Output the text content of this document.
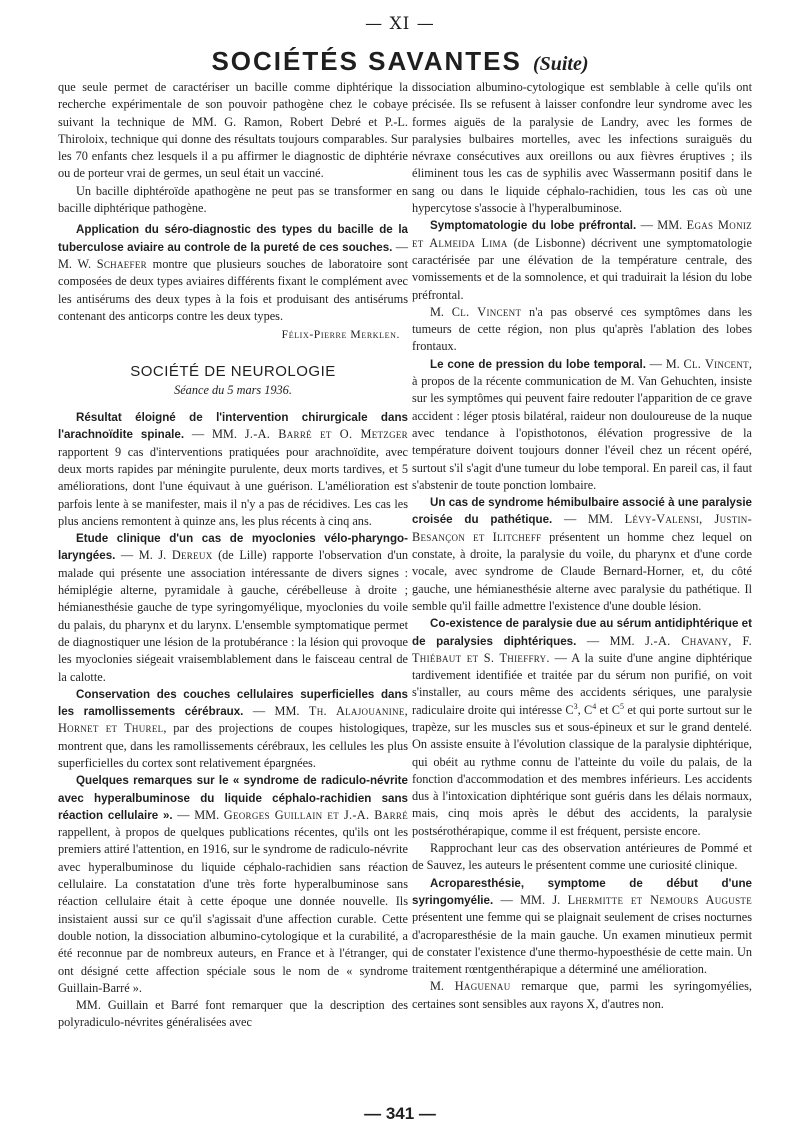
— XI —
SOCIÉTÉS SAVANTES (Suite)

que seule permet de caractériser un bacille comme diphtérique la recherche expérimentale de son pouvoir pathogène chez le cobaye suivant la technique de MM. G. Ramon, Robert Debré et P.-L. Thiroloix, technique qui donne des résultats toujours comparables. Sur les 70 enfants chez lesquels il a pu affirmer le diagnostic de diphtérie ou de porteur vrai de germes, un seul était un vacciné.

Un bacille diphtéroïde apathogène ne peut pas se transformer en bacille diphtérique pathogène.

Application du séro-diagnostic des types du bacille de la tuberculose aviaire au controle de la pureté de ces souches. — M. W. Schaefer montre que plusieurs souches de laboratoire sont composées de deux types aviaires différents fixant le complément avec les antisérums des deux types à la fois et produisant des antisérums contenant des anticorps contre les deux types.

Félix-Pierre Merklen.
SOCIÉTÉ DE NEUROLOGIE
Séance du 5 mars 1936.

Résultat éloigné de l'intervention chirurgicale dans l'arachnoïdite spinale. — MM. J.-A. Barré et O. Metzger rapportent 9 cas d'interventions pratiquées pour arachnoïdite, avec deux morts rapides par méningite purulente, deux morts tardives, et 5 améliorations, dont l'une équivaut à une guérison. L'amélioration est parfois lente à se manifester, mais il n'y a pas de récidives. Les cas les plus anciens remontent à quinze ans, les plus récents à cinq ans.

Etude clinique d'un cas de myoclonies vélo-pharyngo-laryngées. — M. J. Dereux (de Lille) rapporte l'observation d'un malade qui présente une association intéressante de divers signes : hémiplégie alterne, pyramidale à gauche, cérébelleuse à droite ; hémianesthésie gauche de type syringomyélique, myoclonies du voile du palais, du pharynx et du larynx. L'ensemble symptomatique permet de diagnostiquer une lésion de la protubérance : la lésion qui provoque les myoclonies siégeait vraisemblablement dans le faisceau central de la calotte.

Conservation des couches cellulaires superficielles dans les ramollissements cérébraux. — MM. Th. Alajouanine, Hornet et Thurel, par des projections de coupes histologiques, montrent que, dans les ramollissements cérébraux, les cellules les plus superficielles du cortex sont relativement épargnées.

Quelques remarques sur le « syndrome de radiculo-névrite avec hyperalbuminose du liquide céphalo-rachidien sans réaction cellulaire ». — MM. Georges Guillain et J.-A. Barré rappellent, à propos de quelques publications récentes, qu'ils ont les premiers attiré l'attention, en 1916, sur le syndrome de radiculo-névrite avec hyperalbuminose du liquide céphalo-rachidien sans réaction cellulaire. La constatation d'une très forte hyperalbuminose sans réaction cellulaire était à cette époque une donnée nouvelle. Ils insistaient aussi sur ce qu'il s'agissait d'une affection curable. Cette double notion, la dissociation albumino-cytologique et la curabilité, a été reconnue par de nombreux auteurs, en France et à l'étranger, qui ont désigné cette affection spéciale sous le nom de « syndrome Guillain-Barré ».

MM. Guillain et Barré font remarquer que la description des polyradiculo-névrites généralisées avec

dissociation albumino-cytologique est semblable à celle qu'ils ont précisée. Ils se refusent à laisser confondre leur syndrome avec les formes aiguës de la paralysie de Landry, avec les formes de paralysies bulbaires mortelles, avec les infections suraiguës du névraxe consécutives aux oreillons ou aux fièvres éruptives ; ils éliminent tous les cas de syphilis avec Wassermann positif dans le sang ou dans le liquide céphalo-rachidien, tous les cas où une hypercytose s'associe à l'hyperalbuminose.

Symptomatologie du lobe préfrontal. — MM. Egas Moniz et Almeida Lima (de Lisbonne) décrivent une symptomatologie caractérisée par une élévation de la température centrale, des vomissements et de la somnolence, et qui traduirait la lésion du lobe préfrontal.

M. Cl. Vincent n'a pas observé ces symptômes dans les tumeurs de cette région, non plus qu'après l'ablation des lobes frontaux.

Le cone de pression du lobe temporal. — M. Cl. Vincent, à propos de la récente communication de M. Van Gehuchten, insiste sur les symptômes qui peuvent faire redouter l'apparition de ce grave accident : léger ptosis bilatéral, raideur non douloureuse de la nuque avec tendance à l'opisthotonos, élévation progressive de la température doivent toujours donner l'éveil chez un récent opéré, surtout s'il s'agit d'une tumeur du lobe temporal. En pareil cas, il faut s'abstenir de toute ponction lombaire.

Un cas de syndrome hémibulbaire associé à une paralysie croisée du pathétique. — MM. Lévy-Valensi, Justin-Besançon et Ilitcheff présentent un homme chez lequel on constate, à droite, la paralysie du voile, du pharynx et d'une corde vocale, avec syndrome de Claude Bernard-Horner, et, du côté gauche, une hémianesthésie alterne avec paralysie du pathétique. Il semble qu'il faille admettre l'existence d'une double lésion.

Co-existence de paralysie due au sérum antidiphtérique et de paralysies diphtériques. — MM. J.-A. Chavany, F. Thiébaut et S. Thieffry. — A la suite d'une angine diphtérique tardivement identifiée et traitée par du sérum non purifié, on voit s'installer, au cours même des accidents sériques, une paralysie radiculaire droite qui intéresse $C^3$, $C^4$ et $C^5$ et qui porte surtout sur le trapèze, sur les muscles sus et sous-épineux et sur le grand dentelé. On assiste ensuite à l'évolution classique de la paralysie diphtérique, qui obéit au rythme connu de l'atteinte du voile du palais, de la fonction d'accommodation et des membres inférieurs. Les accidents dus à l'intoxication diphtérique sont guéris dans les délais normaux, mais, cinq mois après le début des accidents, la paralysie postsérothérapique, comme il est fréquent, persiste encore.

Rapprochant leur cas des observation antérieures de Pommé et de Sauvez, les auteurs le présentent comme une curiosité clinique.

Acroparesthésie, symptome de début d'une syringomyélie. — MM. J. Lhermitte et Nemours Auguste présentent une femme qui se plaignait seulement de crises nocturnes d'acroparesthésie de la main gauche. Un examen minutieux permit de constater l'existence d'une thermo-hypoesthésie de cette main. Un traitement rœntgenthérapique a déterminé une amélioration.

M. Haguenau remarque que, parmi les syringomyélies, certaines sont sensibles aux rayons X, d'autres non.

— 341 —
